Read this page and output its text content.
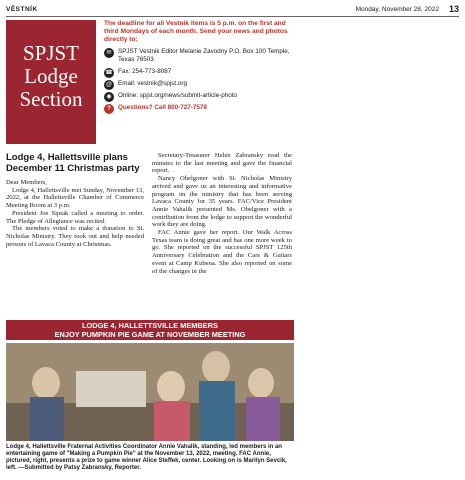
VĒSTNÍK	Monday, November 28, 2022 13
SPJST
Lodge
Section
The deadline for all Vestnik items is 5 p.m. on the first and third Mondays of each month. Send your news and photos directly to:
✉	SPJST Vestnik Editor Melanie Zavodny P.O. Box 100 Temple, Texas 76503
☎ Fax: 254-773-8087
@ Email: vestnik@spjst.org
◉	Online: spjst.org/news/submit-article-photo
?	Questions? Call 800-727-7578
Lodge 4, Hallettsville plans December 11 Christmas party

Dear Members,

Lodge 4, Hallettsville met Sunday, November 13, 2022, at the Hallettsville Chamber of Commerce Meeting Room at 3 p.m.

President Joe Siptak called a meeting to order. The Pledge of Allegiance was recited.

The members voted to make a donation to St. Nicholas Ministry. They took out and help needed persons of Lavaca County at Christmas.

Secretary-Treasurer Helen Zabransky read the minutes to the last meeting and gave the financial report.

Nancy Obelgoner with St. Nicholas Ministry arrived and gave us an interesting and informative program on the ministry that has been serving Lavaca County for 35 years. FAC/Vice President Annie Vahalik presented Ms. Obelgoner with a contribution from the lodge to support the wonderful work they are doing.

FAC Annie gave her report. Our Walk Across Texas team is doing great and has one more week to go. She reported on the successful SPJST 125th Anniversary Celebration and the Cars & Guitars event at Camp Kubena. She also reported on some of the changes in the

LODGE 4, HALLETTSVILLE MEMBERS
ENJOY PUMPKIN PIE GAME AT NOVEMBER MEETING
Lodge 4, Hallettsville Fraternal Activities Coordinator Annie Vahalik, standing, led members in an entertaining game of "Making a Pumpkin Pie" at the November 13, 2022, meeting. FAC Annie, pictured, right, presents a prize to game winner Alice Steffek, center. Looking on is Marilyn Sevcik, left. —Submitted by Patsy Zabransky, Reporter.
